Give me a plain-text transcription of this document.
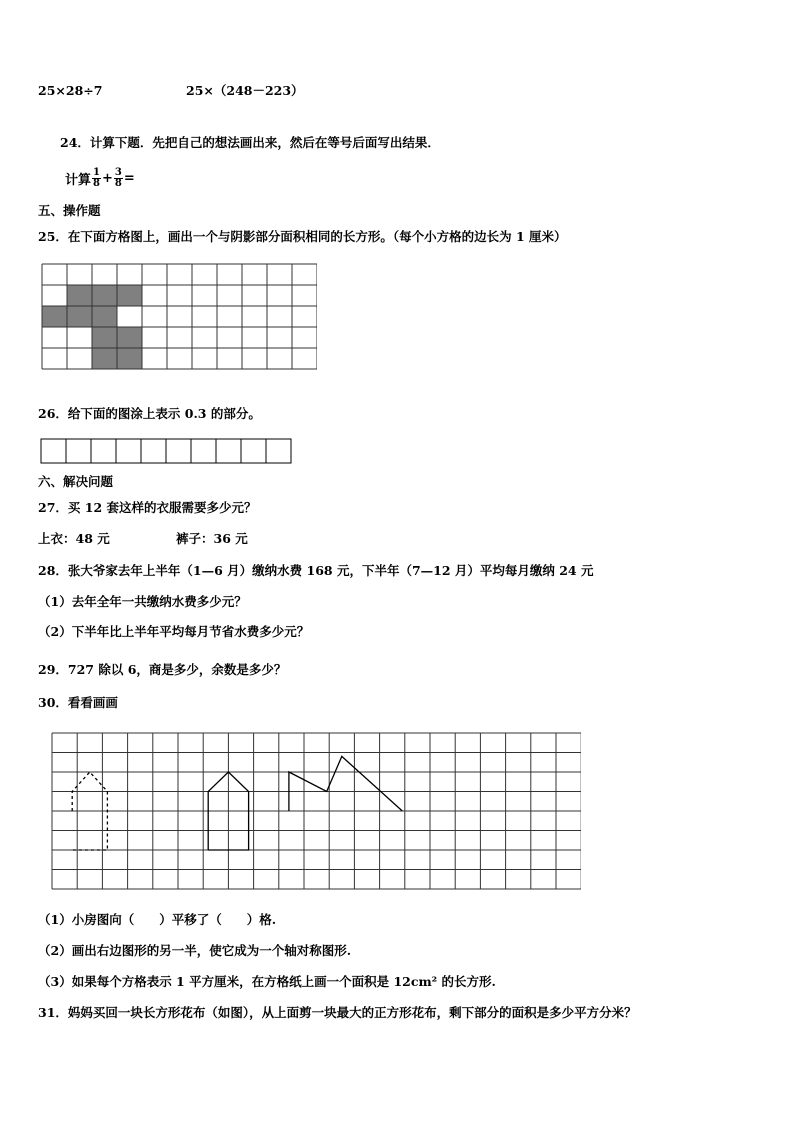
25×28÷7	25×（248－223）
24．计算下题．先把自己的想法画出来，然后在等号后面写出结果．
计算 $\frac{1}{8} + \frac{3}{8}$ =
五、操作题
25．在下面方格图上，画出一个与阴影部分面积相同的长方形。（每个小方格的边长为 1 厘米）
26．给下面的图涂上表示 0.3 的部分。
六、解决问题
27．买 12 套这样的衣服需要多少元？
上衣：48 元	裤子：36 元
28．张大爷家去年上半年（1—6 月）缴纳水费 168 元，下半年（7—12 月）平均每月缴纳 24 元
（1）去年全年一共缴纳水费多少元？
（2）下半年比上半年平均每月节省水费多少元？
29．727 除以 6，商是多少，余数是多少？
30．看看画画
（1）小房图向（　　）平移了（　　）格.
（2）画出右边图形的另一半，使它成为一个轴对称图形.
（3）如果每个方格表示 1 平方厘米，在方格纸上画一个面积是 12cm² 的长方形.
31．妈妈买回一块长方形花布（如图），从上面剪一块最大的正方形花布，剩下部分的面积是多少平方分米？
